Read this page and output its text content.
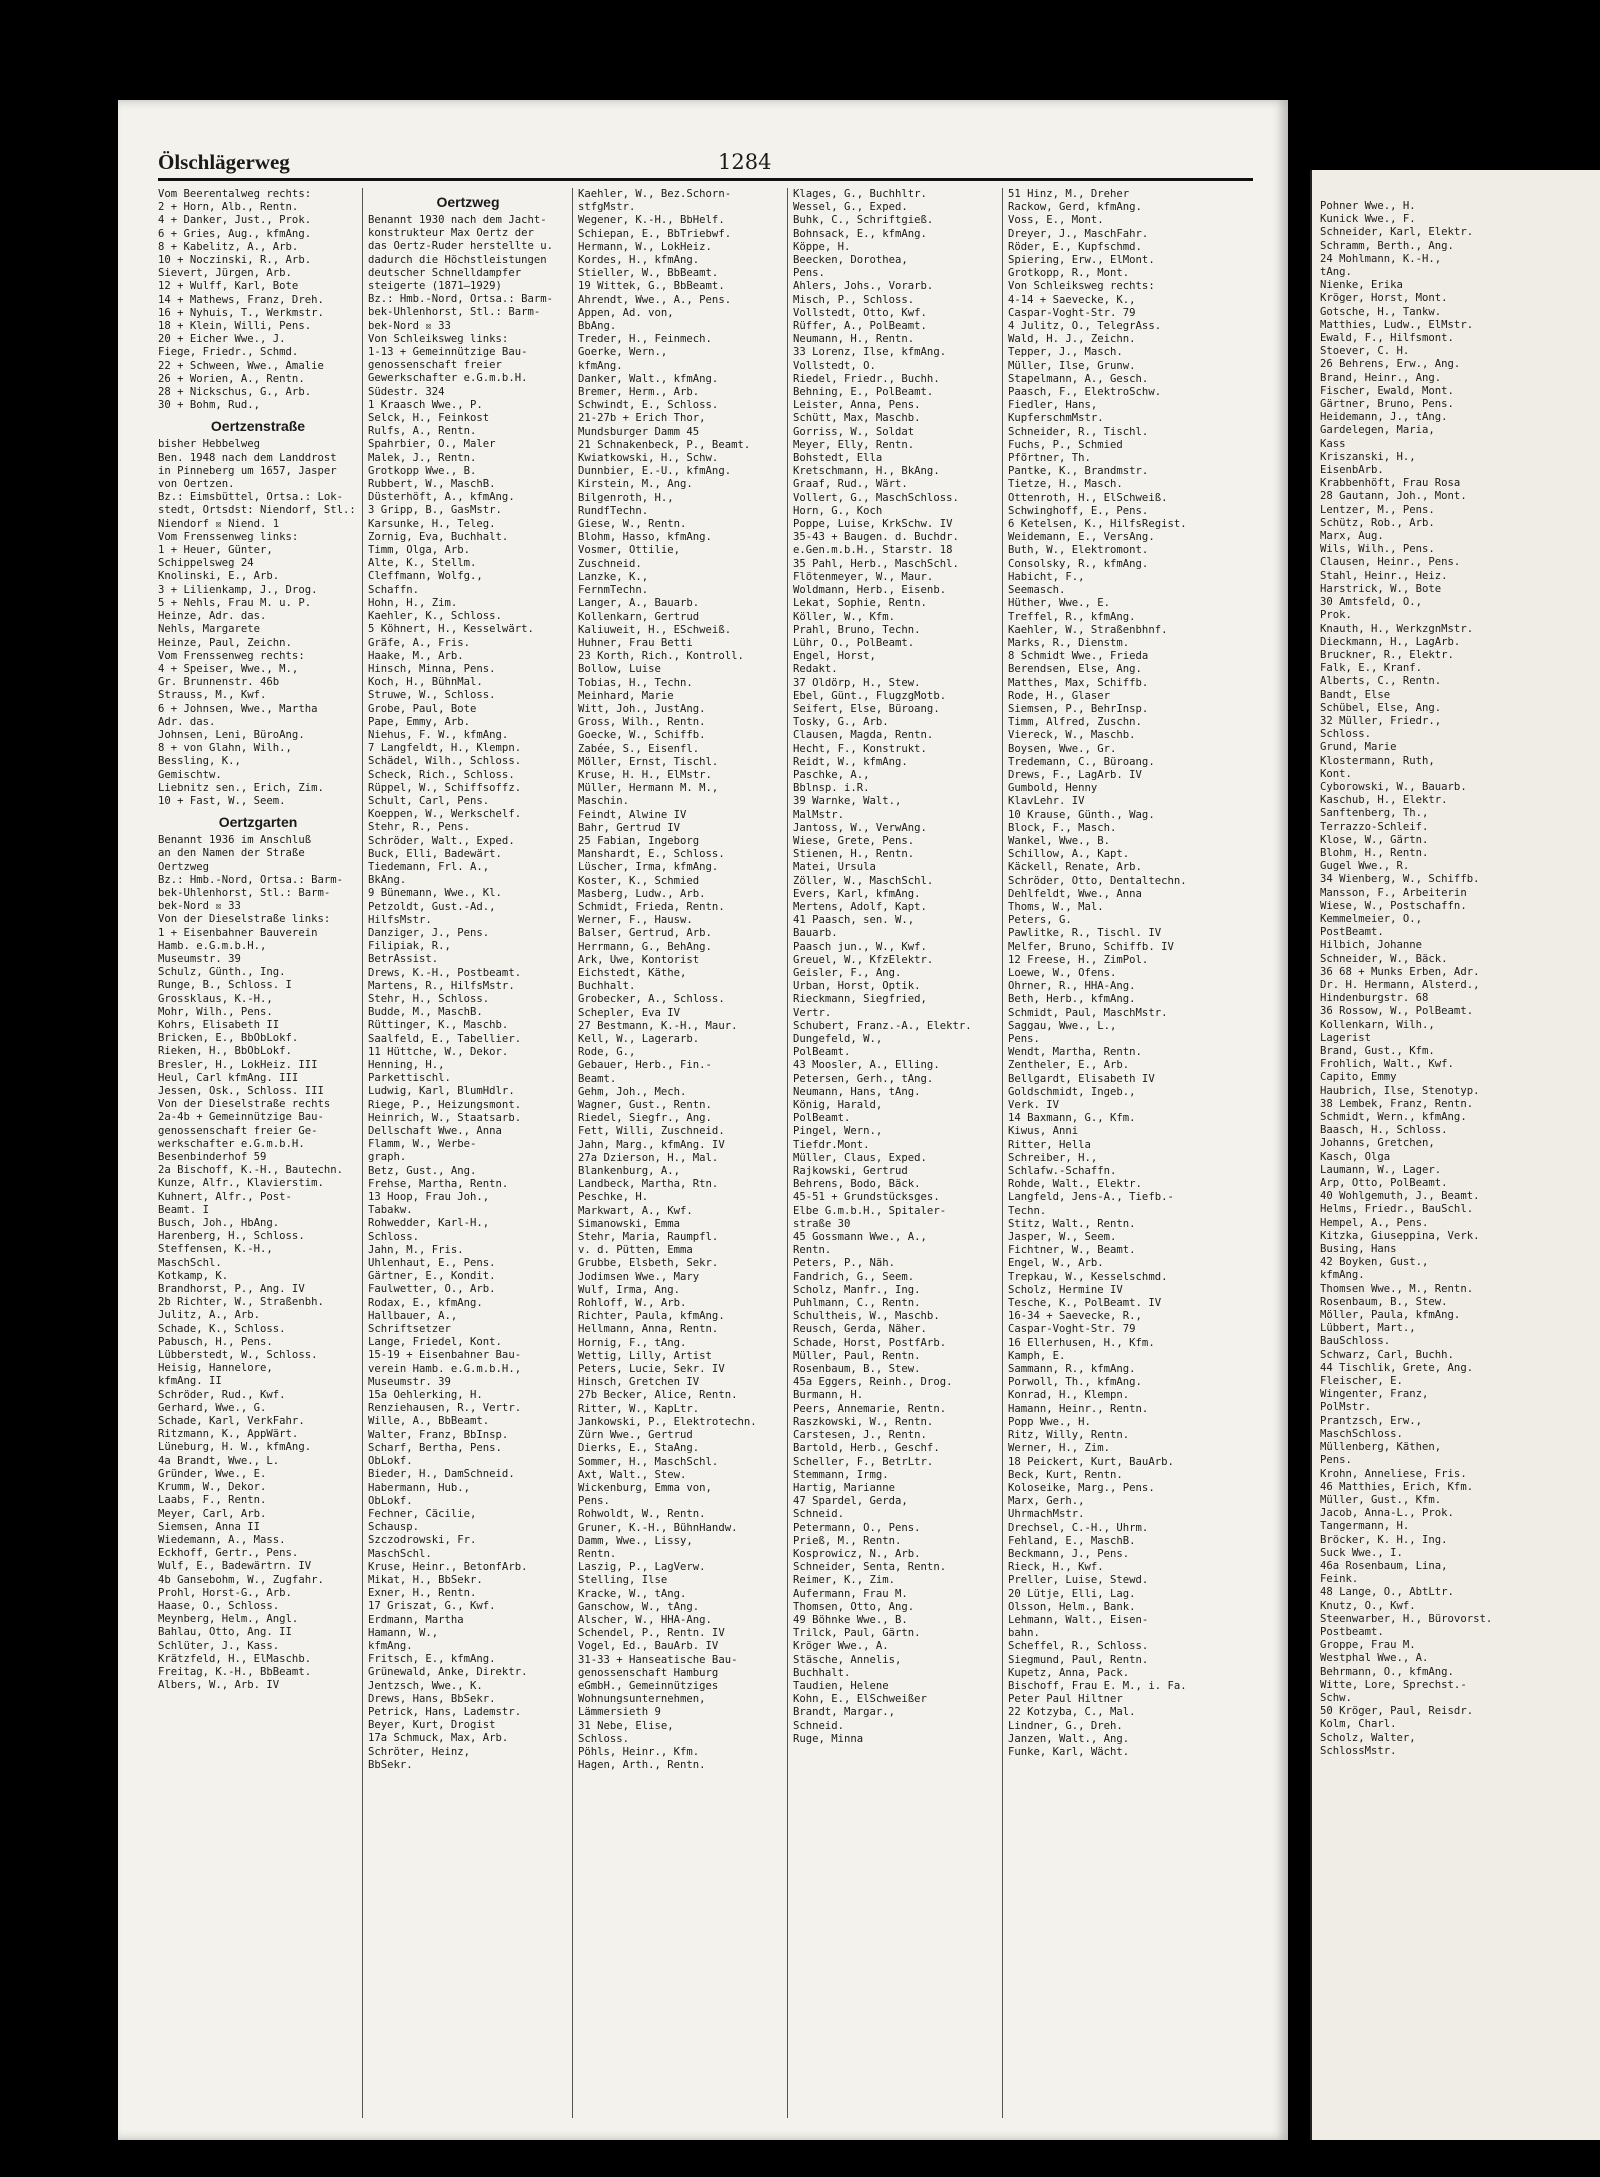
Ölschlägerweg	1284
Vom Beerentalweg rechts:
2 + Horn, Alb., Rentn.
4 + Danker, Just., Prok.
6 + Gries, Aug., kfmAng.
8 + Kabelitz, A., Arb.
10 + Noczinski, R., Arb.
Sievert, Jürgen, Arb.
12 + Wulff, Karl, Bote
14 + Mathews, Franz, Dreh.
16 + Nyhuis, T., Werkmstr.
18 + Klein, Willi, Pens.
20 + Eicher Wwe., J.
Fiege, Friedr., Schmd.
22 + Schween, Wwe., Amalie
26 + Worien, A., Rentn.
28 + Nickschus, G., Arb.
30 + Bohm, Rud.,
Oertzenstraße
bisher Hebbelweg
Ben. 1948 nach dem Landdrost
in Pinneberg um 1657, Jasper
von Oertzen.
Bz.: Eimsbüttel, Ortsa.: Lok-
stedt, Ortsdst: Niendorf, Stl.:
Niendorf ☒ Niend. 1
Vom Frenssenweg links:
1 + Heuer, Günter,
Schippelsweg 24
Knolinski, E., Arb.
3 + Lilienkamp, J., Drog.
5 + Nehls, Frau M. u. P.
Heinze, Adr. das.
Nehls, Margarete
Heinze, Paul, Zeichn.
Vom Frenssenweg rechts:
4 + Speiser, Wwe., M.,
Gr. Brunnenstr. 46b
Strauss, M., Kwf.
6 + Johnsen, Wwe., Martha
Adr. das.
Johnsen, Leni, BüroAng.
8 + von Glahn, Wilh.,
Bessling, K.,
Gemischtw.
Liebnitz sen., Erich, Zim.
10 + Fast, W., Seem.
Oertzgarten
Benannt 1936 im Anschluß
an den Namen der Straße
Oertzweg
Bz.: Hmb.-Nord, Ortsa.: Barm-
bek-Uhlenhorst, Stl.: Barm-
bek-Nord ☒ 33
Von der Dieselstraße links:
1 + Eisenbahner Bauverein
Hamb. e.G.m.b.H.,
Museumstr. 39
Schulz, Günth., Ing.
Runge, B., Schloss. I
Grossklaus, K.-H.,
Mohr, Wilh., Pens.
Kohrs, Elisabeth II
Bricken, E., BbObLokf.
Rieken, H., BbObLokf.
Bresler, H., LokHeiz. III
Heul, Carl kfmAng. III
Jessen, Osk., Schloss. III
Von der Dieselstraße rechts
2a-4b + Gemeinnützige Bau-
genossenschaft freier Ge-
werkschafter e.G.m.b.H.
Besenbinderhof 59
2a Bischoff, K.-H., Bautechn.
Kunze, Alfr., Klavierstim.
Kuhnert, Alfr., Post-
Beamt. I
Busch, Joh., HbAng.
Harenberg, H., Schloss.
Steffensen, K.-H.,
MaschSchl.
Kotkamp, K.
Brandhorst, P., Ang. IV
2b Richter, W., Straßenbh.
Julitz, A., Arb.
Schade, K., Schloss.
Pabusch, H., Pens.
Lübberstedt, W., Schloss.
Heisig, Hannelore,
kfmAng. II
Schröder, Rud., Kwf.
Gerhard, Wwe., G.
Schade, Karl, VerkFahr.
Ritzmann, K., AppWärt.
Lüneburg, H. W., kfmAng.
4a Brandt, Wwe., L.
Gründer, Wwe., E.
Krumm, W., Dekor.
Laabs, F., Rentn.
Meyer, Carl, Arb.
Siemsen, Anna II
Wiedemann, A., Mass.
Eckhoff, Gertr., Pens.
Wulf, E., Badewärtrn. IV
4b Gansebohm, W., Zugfahr.
Prohl, Horst-G., Arb.
Haase, O., Schloss.
Meynberg, Helm., Angl.
Bahlau, Otto, Ang. II
Schlüter, J., Kass.
Krätzfeld, H., ElMaschb.
Freitag, K.-H., BbBeamt.
Albers, W., Arb. IV
Oertzweg
Benannt 1930 nach dem Jacht-
konstrukteur Max Oertz der
das Oertz-Ruder herstellte u.
dadurch die Höchstleistungen
deutscher Schnelldampfer
steigerte (1871—1929)
Bz.: Hmb.-Nord, Ortsa.: Barm-
bek-Uhlenhorst, Stl.: Barm-
bek-Nord ☒ 33
Von Schleiksweg links:
1-13 + Gemeinnützige Bau-
genossenschaft freier
Gewerkschafter e.G.m.b.H.
Südestr. 324
1 Kraasch Wwe., P.
Selck, H., Feinkost
Rulfs, A., Rentn.
Spahrbier, O., Maler
Malek, J., Rentn.
Grotkopp Wwe., B.
Rubbert, W., MaschB.
Düsterhöft, A., kfmAng.
3 Gripp, B., GasMstr.
Karsunke, H., Teleg.
Zornig, Eva, Buchhalt.
Timm, Olga, Arb.
Alte, K., Stellm.
Cleffmann, Wolfg.,
Schaffn.
Hohn, H., Zim.
Kaehler, K., Schloss.
5 Köhnert, H., Kesselwärt.
Gräfe, A., Fris.
Haake, M., Arb.
Hinsch, Minna, Pens.
Koch, H., BühnMal.
Struwe, W., Schloss.
Grobe, Paul, Bote
Pape, Emmy, Arb.
Niehus, F. W., kfmAng.
7 Langfeldt, H., Klempn.
Schädel, Wilh., Schloss.
Scheck, Rich., Schloss.
Rüppel, W., Schiffsoffz.
Schult, Carl, Pens.
Koeppen, W., Werkschelf.
Stehr, R., Pens.
Schröder, Walt., Exped.
Buck, Elli, Badewärt.
Tiedemann, Frl. A.,
BkAng.
9 Bünemann, Wwe., Kl.
Petzoldt, Gust.-Ad.,
HilfsMstr.
Danziger, J., Pens.
Filipiak, R.,
BetrAssist.
Drews, K.-H., Postbeamt.
Martens, R., HilfsMstr.
Stehr, H., Schloss.
Budde, M., MaschB.
Rüttinger, K., Maschb.
Saalfeld, E., Tabellier.
11 Hüttche, W., Dekor.
Henning, H.,
Parkettischl.
Ludwig, Karl, BlumHdlr.
Riege, P., Heizungsmont.
Heinrich, W., Staatsarb.
Dellschaft Wwe., Anna
Flamm, W., Werbe-
graph.
Betz, Gust., Ang.
Frehse, Martha, Rentn.
13 Hoop, Frau Joh.,
Tabakw.
Rohwedder, Karl-H.,
Schloss.
Jahn, M., Fris.
Uhlenhaut, E., Pens.
Gärtner, E., Kondit.
Faulwetter, O., Arb.
Rodax, E., kfmAng.
Hallbauer, A.,
Schriftsetzer
Lange, Friedel, Kont.
15-19 + Eisenbahner Bau-
verein Hamb. e.G.m.b.H.,
Museumstr. 39
15a Oehlerking, H.
Renziehausen, R., Vertr.
Wille, A., BbBeamt.
Walter, Franz, BbInsp.
Scharf, Bertha, Pens.
ObLokf.
Bieder, H., DamSchneid.
Habermann, Hub.,
ObLokf.
Fechner, Cäcilie,
Schausp.
Szczodrowski, Fr.
MaschSchl.
Kruse, Heinr., BetonfArb.
Mikat, H., BbSekr.
Exner, H., Rentn.
17 Griszat, G., Kwf.
Erdmann, Martha
Hamann, W.,
kfmAng.
Fritsch, E., kfmAng.
Grünewald, Anke, Direktr.
Jentzsch, Wwe., K.
Drews, Hans, BbSekr.
Petrick, Hans, Lademstr.
Beyer, Kurt, Drogist
17a Schmuck, Max, Arb.
Schröter, Heinz,
BbSekr.
Kaehler, W., Bez.Schorn-
stfgMstr.
Wegener, K.-H., BbHelf.
Schiepan, E., BbTriebwf.
Hermann, W., LokHeiz.
Kordes, H., kfmAng.
Stieller, W., BbBeamt.
19 Wittek, G., BbBeamt.
Ahrendt, Wwe., A., Pens.
Appen, Ad. von,
BbAng.
Treder, H., Feinmech.
Goerke, Wern.,
kfmAng.
Danker, Walt., kfmAng.
Bremer, Herm., Arb.
Schwindt, E., Schloss.
21-27b + Erich Thor,
Mundsburger Damm 45
21 Schnakenbeck, P., Beamt.
Kwiatkowski, H., Schw.
Dunnbier, E.-U., kfmAng.
Kirstein, M., Ang.
Bilgenroth, H.,
RundfTechn.
Giese, W., Rentn.
Blohm, Hasso, kfmAng.
Vosmer, Ottilie,
Zuschneid.
Lanzke, K.,
FernmTechn.
Langer, A., Bauarb.
Kollenkarn, Gertrud
Kaliuweit, H., ESchweiß.
Huhner, Frau Betti
23 Korth, Rich., Kontroll.
Bollow, Luise
Tobias, H., Techn.
Meinhard, Marie
Witt, Joh., JustAng.
Gross, Wilh., Rentn.
Goecke, W., Schiffb.
Zabée, S., Eisenfl.
Möller, Ernst, Tischl.
Kruse, H. H., ElMstr.
Müller, Hermann M. M.,
Maschin.
Feindt, Alwine IV
Bahr, Gertrud IV
25 Fabian, Ingeborg
Manshardt, E., Schloss.
Lüscher, Irma, kfmAng.
Koster, K., Schmied
Masberg, Ludw., Arb.
Schmidt, Frieda, Rentn.
Werner, F., Hausw.
Balser, Gertrud, Arb.
Herrmann, G., BehAng.
Ark, Uwe, Kontorist
Eichstedt, Käthe,
Buchhalt.
Grobecker, A., Schloss.
Schepler, Eva IV
27 Bestmann, K.-H., Maur.
Kell, W., Lagerarb.
Rode, G.,
Gebauer, Herb., Fin.-
Beamt.
Gehm, Joh., Mech.
Wagner, Gust., Rentn.
Riedel, Siegfr., Ang.
Fett, Willi, Zuschneid.
Jahn, Marg., kfmAng. IV
27a Dzierson, H., Mal.
Blankenburg, A.,
Landbeck, Martha, Rtn.
Peschke, H.
Markwart, A., Kwf.
Simanowski, Emma
Stehr, Maria, Raumpfl.
v. d. Pütten, Emma
Grubbe, Elsbeth, Sekr.
Jodimsen Wwe., Mary
Wulf, Irma, Ang.
Rohloff, W., Arb.
Richter, Paula, kfmAng.
Hellmann, Anna, Rentn.
Hornig, F., tAng.
Wettig, Lilly, Artist
Peters, Lucie, Sekr. IV
Hinsch, Gretchen IV
27b Becker, Alice, Rentn.
Ritter, W., KapLtr.
Jankowski, P., Elektrotechn.
Zürn Wwe., Gertrud
Dierks, E., StaAng.
Sommer, H., MaschSchl.
Axt, Walt., Stew.
Wickenburg, Emma von,
Pens.
Rohwoldt, W., Rentn.
Gruner, K.-H., BühnHandw.
Damm, Wwe., Lissy,
Rentn.
Laszig, P., LagVerw.
Stelling, Ilse
Kracke, W., tAng.
Ganschow, W., tAng.
Alscher, W., HHA-Ang.
Schendel, P., Rentn. IV
Vogel, Ed., BauArb. IV
31-33 + Hanseatische Bau-
genossenschaft Hamburg
eGmbH., Gemeinnütziges
Wohnungsunternehmen,
Lämmersieth 9
31 Nebe, Elise,
Schloss.
Pöhls, Heinr., Kfm.
Hagen, Arth., Rentn.
Klages, G., Buchhltr.
Wessel, G., Exped.
Buhk, C., Schriftgieß.
Bohnsack, E., kfmAng.
Köppe, H.
Beecken, Dorothea,
Pens.
Ahlers, Johs., Vorarb.
Misch, P., Schloss.
Vollstedt, Otto, Kwf.
Rüffer, A., PolBeamt.
Neumann, H., Rentn.
33 Lorenz, Ilse, kfmAng.
Vollstedt, O.
Riedel, Friedr., Buchh.
Behning, E., PolBeamt.
Leister, Anna, Pens.
Schütt, Max, Maschb.
Gorriss, W., Soldat
Meyer, Elly, Rentn.
Bohstedt, Ella
Kretschmann, H., BkAng.
Graaf, Rud., Wärt.
Vollert, G., MaschSchloss.
Horn, G., Koch
Poppe, Luise, KrkSchw. IV
35-43 + Baugen. d. Buchdr.
e.Gen.m.b.H., Starstr. 18
35 Pahl, Herb., MaschSchl.
Flötenmeyer, W., Maur.
Woldmann, Herb., Eisenb.
Lekat, Sophie, Rentn.
Köller, W., Kfm.
Prahl, Bruno, Techn.
Lühr, O., PolBeamt.
Engel, Horst,
Redakt.
37 Oldörp, H., Stew.
Ebel, Günt., FlugzgMotb.
Seifert, Else, Büroang.
Tosky, G., Arb.
Clausen, Magda, Rentn.
Hecht, F., Konstrukt.
Reidt, W., kfmAng.
Paschke, A.,
Bblnsp. i.R.
39 Warnke, Walt.,
MalMstr.
Jantoss, W., VerwAng.
Wiese, Grete, Pens.
Stienen, H., Rentn.
Matei, Ursula
Zöller, W., MaschSchl.
Evers, Karl, kfmAng.
Mertens, Adolf, Kapt.
41 Paasch, sen. W.,
Bauarb.
Paasch jun., W., Kwf.
Greuel, W., KfzElektr.
Geisler, F., Ang.
Urban, Horst, Optik.
Rieckmann, Siegfried,
Vertr.
Schubert, Franz.-A., Elektr.
Dungefeld, W.,
PolBeamt.
43 Moosler, A., Elling.
Petersen, Gerh., tAng.
Neumann, Hans, tAng.
König, Harald,
PolBeamt.
Pingel, Wern.,
Tiefdr.Mont.
Müller, Claus, Exped.
Rajkowski, Gertrud
Behrens, Bodo, Bäck.
45-51 + Grundstücksges.
Elbe G.m.b.H., Spitaler-
straße 30
45 Gossmann Wwe., A.,
Rentn.
Peters, P., Näh.
Fandrich, G., Seem.
Scholz, Manfr., Ing.
Puhlmann, C., Rentn.
Schultheis, W., Maschb.
Reusch, Gerda, Näher.
Schade, Horst, PostfArb.
Müller, Paul, Rentn.
Rosenbaum, B., Stew.
45a Eggers, Reinh., Drog.
Burmann, H.
Peers, Annemarie, Rentn.
Raszkowski, W., Rentn.
Carstesen, J., Rentn.
Bartold, Herb., Geschf.
Scheller, F., BetrLtr.
Stemmann, Irmg.
Hartig, Marianne
47 Spardel, Gerda,
Schneid.
Petermann, O., Pens.
Prieß, M., Rentn.
Kosprowicz, N., Arb.
Schneider, Senta, Rentn.
Reimer, K., Zim.
Aufermann, Frau M.
Thomsen, Otto, Ang.
49 Böhnke Wwe., B.
Trilck, Paul, Gärtn.
Kröger Wwe., A.
Stäsche, Annelis,
Buchhalt.
Taudien, Helene
Kohn, E., ElSchweißer
Brandt, Margar.,
Schneid.
Ruge, Minna
51 Hinz, M., Dreher
Rackow, Gerd, kfmAng.
Voss, E., Mont.
Dreyer, J., MaschFahr.
Röder, E., Kupfschmd.
Spiering, Erw., ElMont.
Grotkopp, R., Mont.
Von Schleiksweg rechts:
4-14 + Saevecke, K.,
Caspar-Voght-Str. 79
4 Julitz, O., TelegrAss.
Wald, H. J., Zeichn.
Tepper, J., Masch.
Müller, Ilse, Grunw.
Stapelmann, A., Gesch.
Paasch, F., ElektroSchw.
Fiedler, Hans,
KupferschmMstr.
Schneider, R., Tischl.
Fuchs, P., Schmied
Pförtner, Th.
Pantke, K., Brandmstr.
Tietze, H., Masch.
Ottenroth, H., ElSchweiß.
Schwinghoff, E., Pens.
6 Ketelsen, K., HilfsRegist.
Weidemann, E., VersAng.
Buth, W., Elektromont.
Consolsky, R., kfmAng.
Habicht, F.,
Seemasch.
Hüther, Wwe., E.
Treffel, R., kfmAng.
Kaehler, W., Straßenbhnf.
Marks, R., Dienstm.
8 Schmidt Wwe., Frieda
Berendsen, Else, Ang.
Matthes, Max, Schiffb.
Rode, H., Glaser
Siemsen, P., BehrInsp.
Timm, Alfred, Zuschn.
Viereck, W., Maschb.
Boysen, Wwe., Gr.
Tredemann, C., Büroang.
Drews, F., LagArb. IV
Gumbold, Henny
KlavLehr. IV
10 Krause, Günth., Wag.
Block, F., Masch.
Wankel, Wwe., B.
Schillow, A., Kapt.
Käckell, Renate, Arb.
Schröder, Otto, Dentaltechn.
Dehlfeldt, Wwe., Anna
Thoms, W., Mal.
Peters, G.
Pawlitke, R., Tischl. IV
Melfer, Bruno, Schiffb. IV
12 Freese, H., ZimPol.
Loewe, W., Ofens.
Ohrner, R., HHA-Ang.
Beth, Herb., kfmAng.
Schmidt, Paul, MaschMstr.
Saggau, Wwe., L.,
Pens.
Wendt, Martha, Rentn.
Zentheler, E., Arb.
Bellgardt, Elisabeth IV
Goldschmidt, Ingeb.,
Verk. IV
14 Baxmann, G., Kfm.
Kiwus, Anni
Ritter, Hella
Schreiber, H.,
Schlafw.-Schaffn.
Rohde, Walt., Elektr.
Langfeld, Jens-A., Tiefb.-
Techn.
Stitz, Walt., Rentn.
Jasper, W., Seem.
Fichtner, W., Beamt.
Engel, W., Arb.
Trepkau, W., Kesselschmd.
Scholz, Hermine IV
Tesche, K., PolBeamt. IV
16-34 + Saevecke, R.,
Caspar-Voght-Str. 79
16 Ellerhusen, H., Kfm.
Kamph, E.
Sammann, R., kfmAng.
Porwoll, Th., kfmAng.
Konrad, H., Klempn.
Hamann, Heinr., Rentn.
Popp Wwe., H.
Ritz, Willy, Rentn.
Werner, H., Zim.
18 Peickert, Kurt, BauArb.
Beck, Kurt, Rentn.
Koloseike, Marg., Pens.
Marx, Gerh.,
UhrmachMstr.
Drechsel, C.-H., Uhrm.
Fehland, E., MaschB.
Beckmann, J., Pens.
Rieck, H., Kwf.
Preller, Luise, Stewd.
20 Lütje, Elli, Lag.
Olsson, Helm., Bank.
Lehmann, Walt., Eisen-
bahn.
Scheffel, R., Schloss.
Siegmund, Paul, Rentn.
Kupetz, Anna, Pack.
Bischoff, Frau E. M., i. Fa.
Peter Paul Hiltner
22 Kotzyba, C., Mal.
Lindner, G., Dreh.
Janzen, Walt., Ang.
Funke, Karl, Wächt.
Pohner Wwe., H.
Kunick Wwe., F.
Schneider, Karl, Elektr.
Schramm, Berth., Ang.
24 Mohlmann, K.-H.,
tAng.
Nienke, Erika
Kröger, Horst, Mont.
Gotsche, H., Tankw.
Matthies, Ludw., ElMstr.
Ewald, F., Hilfsmont.
Stoever, C. H.
26 Behrens, Erw., Ang.
Brand, Heinr., Ang.
Fischer, Ewald, Mont.
Gärtner, Bruno, Pens.
Heidemann, J., tAng.
Gardelegen, Maria,
Kass
Kriszanski, H.,
EisenbArb.
Krabbenhöft, Frau Rosa
28 Gautann, Joh., Mont.
Lentzer, M., Pens.
Schütz, Rob., Arb.
Marx, Aug.
Wils, Wilh., Pens.
Clausen, Heinr., Pens.
Stahl, Heinr., Heiz.
Harstrick, W., Bote
30 Amtsfeld, O.,
Prok.
Knauth, H., WerkzgnMstr.
Dieckmann, H., LagArb.
Bruckner, R., Elektr.
Falk, E., Kranf.
Alberts, C., Rentn.
Bandt, Else
Schübel, Else, Ang.
32 Müller, Friedr.,
Schloss.
Grund, Marie
Klostermann, Ruth,
Kont.
Cyborowski, W., Bauarb.
Kaschub, H., Elektr.
Sanftenberg, Th.,
Terrazzo-Schleif.
Klose, W., Gärtn.
Blohm, H., Rentn.
Gugel Wwe., R.
34 Wienberg, W., Schiffb.
Mansson, F., Arbeiterin
Wiese, W., Postschaffn.
Kemmelmeier, O.,
PostBeamt.
Hilbich, Johanne
Schneider, W., Bäck.
36 68 + Munks Erben, Adr.
Dr. H. Hermann, Alsterd.,
Hindenburgstr. 68
36 Rossow, W., PolBeamt.
Kollenkarn, Wilh.,
Lagerist
Brand, Gust., Kfm.
Frohlich, Walt., Kwf.
Capito, Emmy
Haubrich, Ilse, Stenotyp.
38 Lembek, Franz, Rentn.
Schmidt, Wern., kfmAng.
Baasch, H., Schloss.
Johanns, Gretchen,
Kasch, Olga
Laumann, W., Lager.
Arp, Otto, PolBeamt.
40 Wohlgemuth, J., Beamt.
Helms, Friedr., BauSchl.
Hempel, A., Pens.
Kitzka, Giuseppina, Verk.
Busing, Hans
42 Boyken, Gust.,
kfmAng.
Thomsen Wwe., M., Rentn.
Rosenbaum, B., Stew.
Möller, Paula, kfmAng.
Lübbert, Mart.,
BauSchloss.
Schwarz, Carl, Buchh.
44 Tischlik, Grete, Ang.
Fleischer, E.
Wingenter, Franz,
PolMstr.
Prantzsch, Erw.,
MaschSchloss.
Müllenberg, Käthen,
Pens.
Krohn, Anneliese, Fris.
46 Matthies, Erich, Kfm.
Müller, Gust., Kfm.
Jacob, Anna-L., Prok.
Tangermann, H.
Bröcker, K. H., Ing.
Suck Wwe., I.
46a Rosenbaum, Lina,
Feink.
48 Lange, O., AbtLtr.
Knutz, O., Kwf.
Steenwarber, H., Bürovorst.
Postbeamt.
Groppe, Frau M.
Westphal Wwe., A.
Behrmann, O., kfmAng.
Witte, Lore, Sprechst.-
Schw.
50 Kröger, Paul, Reisdr.
Kolm, Charl.
Scholz, Walter,
SchlossMstr.
